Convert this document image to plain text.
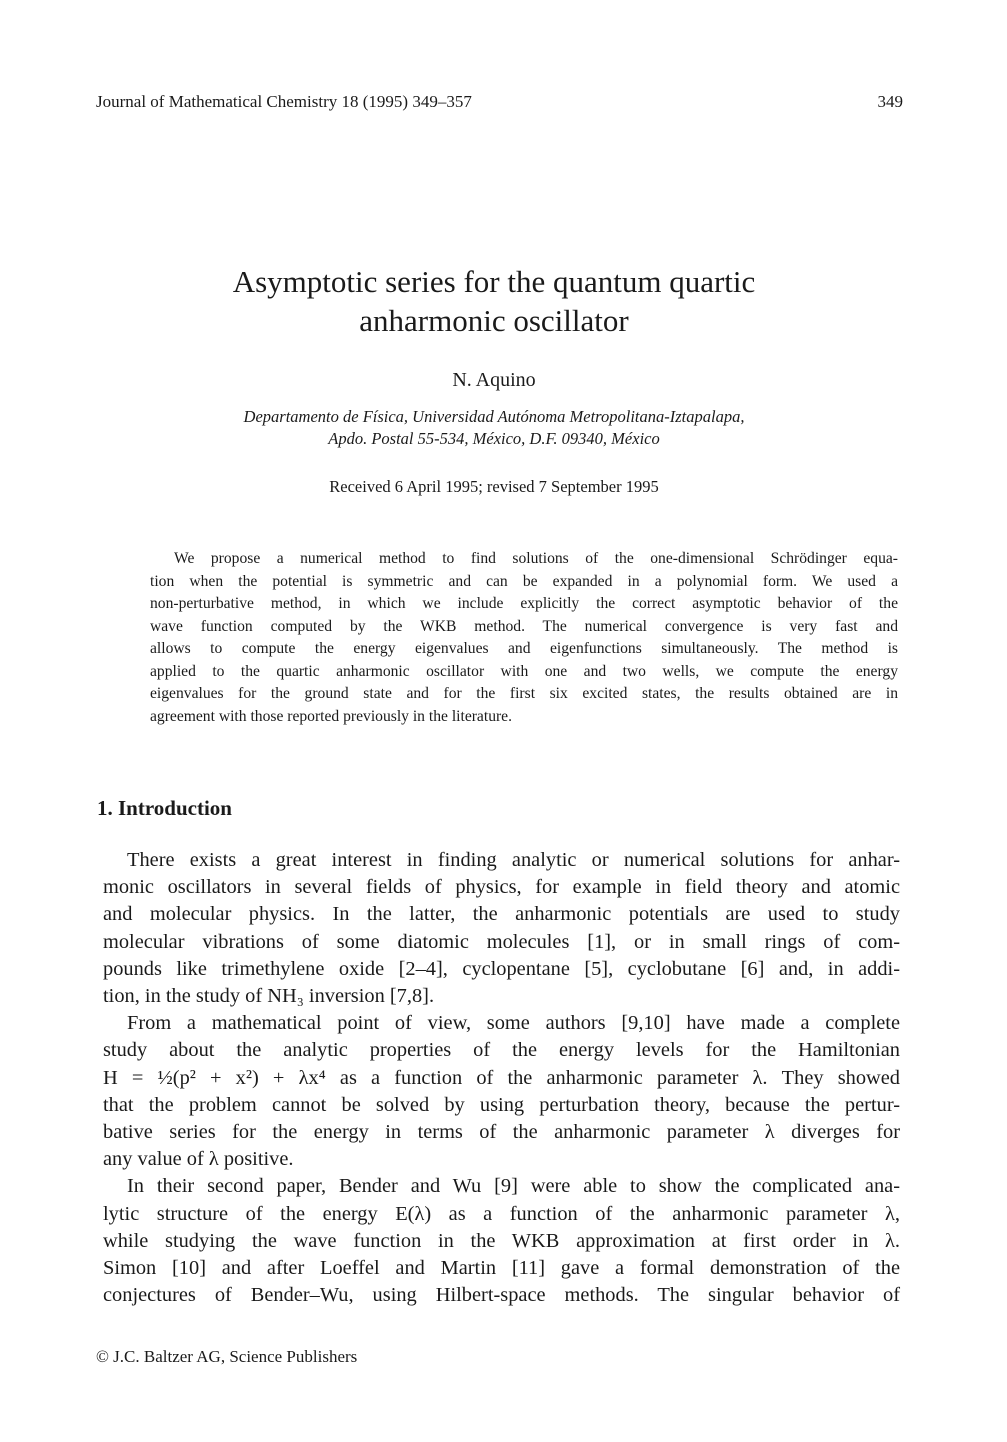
Journal of Mathematical Chemistry 18 (1995) 349–357	349
Asymptotic series for the quantum quartic
anharmonic oscillator
N. Aquino
Departamento de Física, Universidad Autónoma Metropolitana-Iztapalapa,
Apdo. Postal 55-534, México, D.F. 09340, México
Received 6 April 1995; revised 7 September 1995
We propose a numerical method to find solutions of the one-dimensional Schrödinger equa-
tion when the potential is symmetric and can be expanded in a polynomial form. We used a
non-perturbative method, in which we include explicitly the correct asymptotic behavior of the
wave function computed by the WKB method. The numerical convergence is very fast and
allows to compute the energy eigenvalues and eigenfunctions simultaneously. The method is
applied to the quartic anharmonic oscillator with one and two wells, we compute the energy
eigenvalues for the ground state and for the first six excited states, the results obtained are in
agreement with those reported previously in the literature.
1. Introduction
There exists a great interest in finding analytic or numerical solutions for anhar-
monic oscillators in several fields of physics, for example in field theory and atomic
and molecular physics. In the latter, the anharmonic potentials are used to study
molecular vibrations of some diatomic molecules [1], or in small rings of com-
pounds like trimethylene oxide [2–4], cyclopentane [5], cyclobutane [6] and, in addi-
tion, in the study of NH₃ inversion [7,8].
From a mathematical point of view, some authors [9,10] have made a complete
study about the analytic properties of the energy levels for the Hamiltonian
H = ½(p² + x²) + λx⁴ as a function of the anharmonic parameter λ. They showed
that the problem cannot be solved by using perturbation theory, because the pertur-
bative series for the energy in terms of the anharmonic parameter λ diverges for
any value of λ positive.
In their second paper, Bender and Wu [9] were able to show the complicated ana-
lytic structure of the energy E(λ) as a function of the anharmonic parameter λ,
while studying the wave function in the WKB approximation at first order in λ.
Simon [10] and after Loeffel and Martin [11] gave a formal demonstration of the
conjectures of Bender–Wu, using Hilbert-space methods. The singular behavior of
© J.C. Baltzer AG, Science Publishers
